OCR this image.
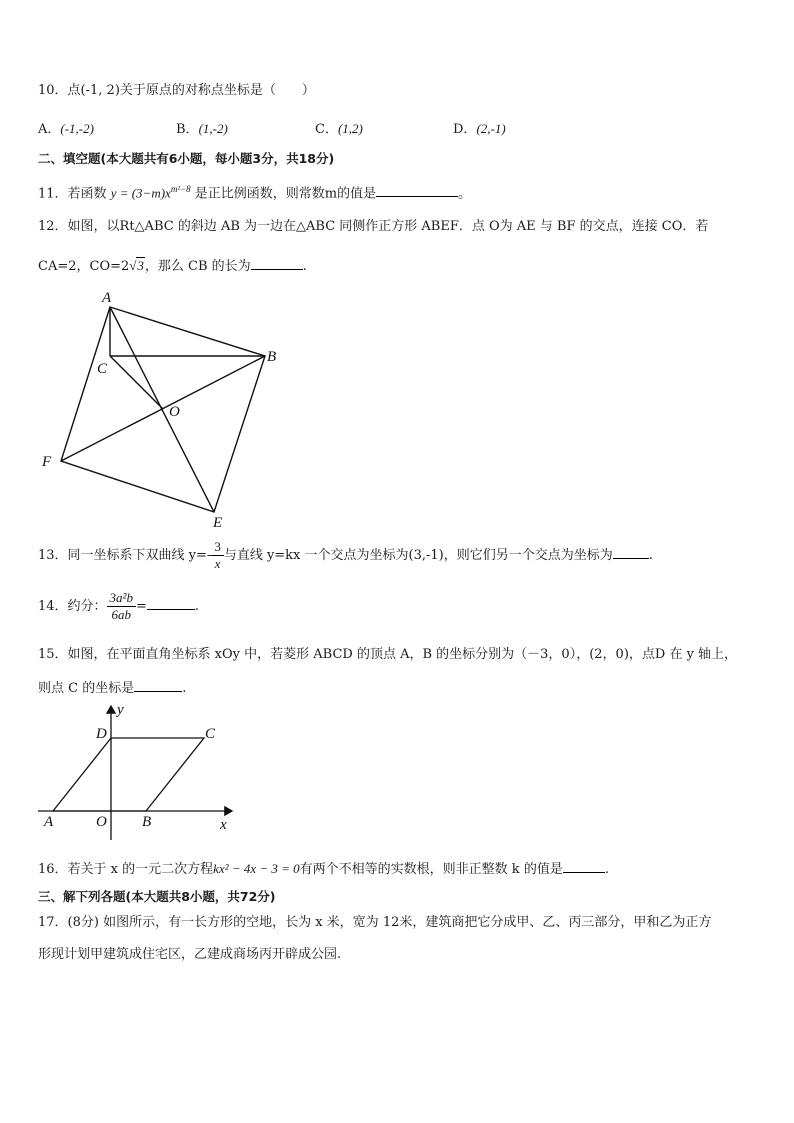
10．点(-1, 2)关于原点的对称点坐标是（　　）
A．(-1,-2)	B．(1,-2)	C．(1,2)	D．(2,-1)
二、填空题(本大题共有6小题，每小题3分，共18分)
11．若函数 $y = (3-m)x^{m^2-8}$ 是正比例函数，则常数m的值是	。
12．如图，以Rt△ABC 的斜边 AB 为一边在△ABC 同侧作正方形 ABEF．点 O为 AE 与 BF 的交点，连接 CO．若
CA=2，CO=2√3，那么 CB 的长为	.
A
B
C
O
E
F
13．同一坐标系下双曲线 $y=- \frac{3}{x}$ 与直线 y=kx 一个交点为坐标为(3,-1)，则它们另一个交点为坐标为	.
14．约分： $\frac{\text{3a²b}}{6ab}$ =	.
15．如图，在平面直角坐标系 xOy 中，若菱形 ABCD 的顶点 A，B 的坐标分别为（－3，0），(2，0)，点D 在 y 轴上，
则点 C 的坐标是	.
y
x
D	C
A	O B
16．若关于 x 的一元二次方程kx² − 4x − 3 = 0有两个不相等的实数根，则非正整数 k 的值是	.
三、解下列各题(本大题共8小题，共72分)
17．(8分) 如图所示，有一长方形的空地，长为 x 米，宽为 12米，建筑商把它分成甲、乙、丙三部分，甲和乙为正方
形现计划甲建筑成住宅区，乙建成商场丙开辟成公园.
